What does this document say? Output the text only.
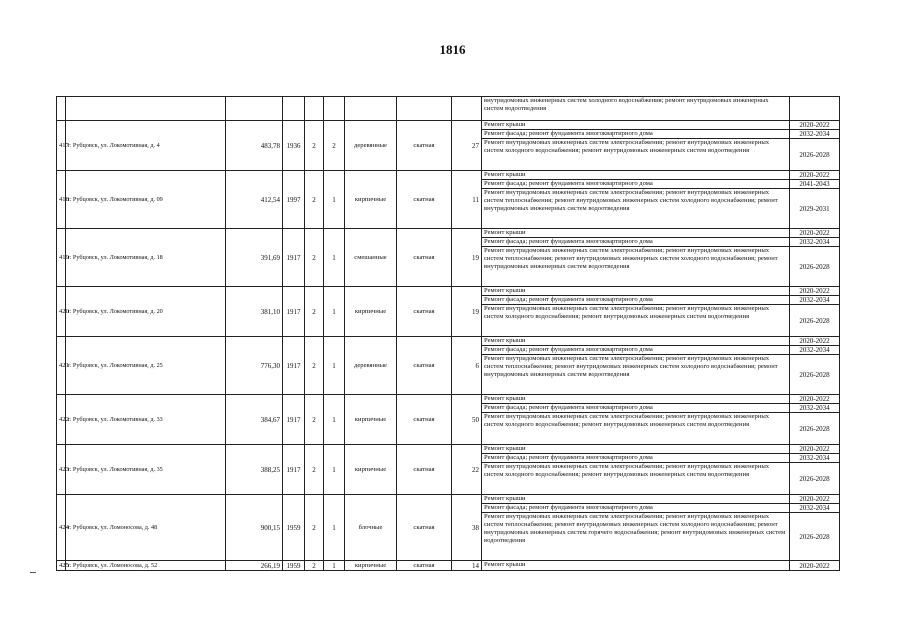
1816
									внутридомовых инженерных систем холодного водоснабжения; ремонт внутридомовых инженерных систем водоотведения	
417	г. Рубцовск, ул. Локомотивная, д. 4	483,78	1936	2	2	деревянные	скатная	27	Ремонт крыши	2020-2022
									Ремонт фасада; ремонт фундамента многоквартирного дома	2032-2034
									Ремонт внутридомовых инженерных систем электроснабжения; ремонт внутридомовых инженерных систем холодного водоснабжения; ремонт внутридомовых инженерных систем водоотведения	2026-2028
418	г. Рубцовск, ул. Локомотивная, д. 09	412,54	1997	2	1	кирпичные	скатная	11	Ремонт крыши	2020-2022
									Ремонт фасада; ремонт фундамента многоквартирного дома	2041-2043
									Ремонт внутридомовых инженерных систем электроснабжения; ремонт внутридомовых инженерных систем теплоснабжения; ремонт внутридомовых инженерных систем холодного водоснабжения; ремонт внутридомовых инженерных систем водоотведения	2029-2031
419	г. Рубцовск, ул. Локомотивная, д. 18	391,69	1917	2	1	смешанные	скатная	19	Ремонт крыши	2020-2022
									Ремонт фасада; ремонт фундамента многоквартирного дома	2032-2034
									Ремонт внутридомовых инженерных систем электроснабжения; ремонт внутридомовых инженерных систем теплоснабжения; ремонт внутридомовых инженерных систем холодного водоснабжения; ремонт внутридомовых инженерных систем водоотведения	2026-2028
420	г. Рубцовск, ул. Локомотивная, д. 20	381,10	1917	2	1	кирпичные	скатная	19	Ремонт крыши	2020-2022
									Ремонт фасада; ремонт фундамента многоквартирного дома	2032-2034
									Ремонт внутридомовых инженерных систем электроснабжения; ремонт внутридомовых инженерных систем холодного водоснабжения; ремонт внутридомовых инженерных систем водоотведения	2026-2028
421	г. Рубцовск, ул. Локомотивная, д. 25	776,30	1917	2	1	деревянные	скатная	6	Ремонт крыши	2020-2022
									Ремонт фасада; ремонт фундамента многоквартирного дома	2032-2034
									Ремонт внутридомовых инженерных систем электроснабжения; ремонт внутридомовых инженерных систем теплоснабжения; ремонт внутридомовых инженерных систем холодного водоснабжения; ремонт внутридомовых инженерных систем водоотведения	2026-2028
422	г. Рубцовск, ул. Локомотивная, д. 33	384,67	1917	2	1	кирпичные	скатная	50	Ремонт крыши	2020-2022
									Ремонт фасада; ремонт фундамента многоквартирного дома	2032-2034
									Ремонт внутридомовых инженерных систем электроснабжения; ремонт внутридомовых инженерных систем холодного водоснабжения; ремонт внутридомовых инженерных систем водоотведения	2026-2028
423	г. Рубцовск, ул. Локомотивная, д. 35	388,25	1917	2	1	кирпичные	скатная	22	Ремонт крыши	2020-2022
									Ремонт фасада; ремонт фундамента многоквартирного дома	2032-2034
									Ремонт внутридомовых инженерных систем электроснабжения; ремонт внутридомовых инженерных систем холодного водоснабжения; ремонт внутридомовых инженерных систем водоотведения	2026-2028
424	г. Рубцовск, ул. Ломоносова, д. 48	900,15	1959	2	1	блочные	скатная	38	Ремонт крыши	2020-2022
									Ремонт фасада; ремонт фундамента многоквартирного дома	2032-2034
									Ремонт внутридомовых инженерных систем электроснабжения; ремонт внутридомовых инженерных систем теплоснабжения; ремонт внутридомовых инженерных систем холодного водоснабжения; ремонт внутридомовых инженерных систем горячего водоснабжения; ремонт внутридомовых инженерных систем водоотведения	2026-2028
425	г. Рубцовск, ул. Ломоносова, д. 52	266,19	1959	2	1	кирпичные	скатная	14	Ремонт крыши	2020-2022
